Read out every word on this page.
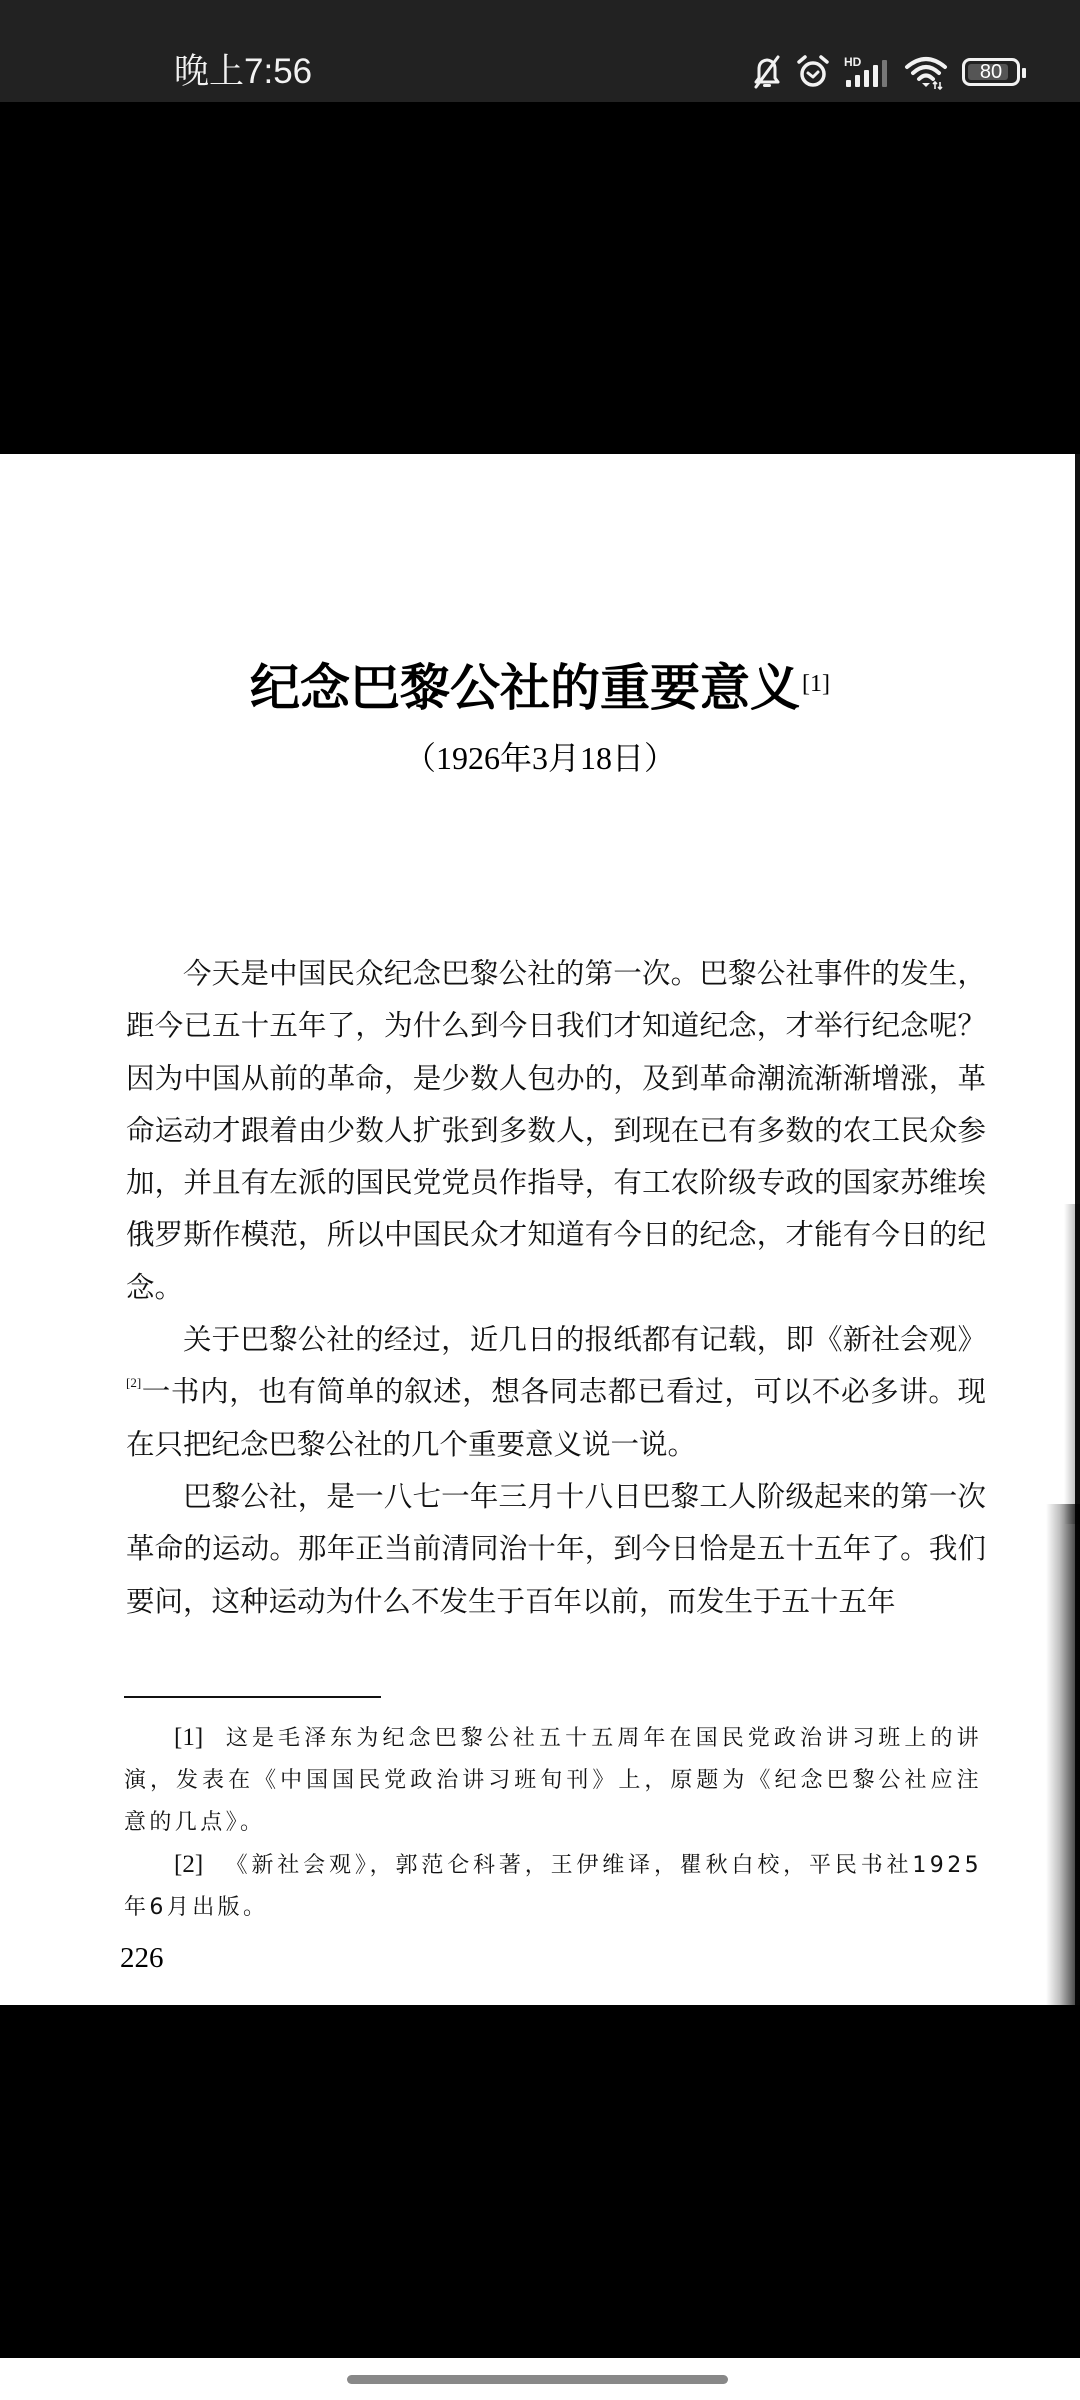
晚上7:56	HD	80
纪念巴黎公社的重要意义[1]
（1926年3月18日）

今天是中国民众纪念巴黎公社的第一次。巴黎公社事件的发生，距今已五十五年了，为什么到今日我们才知道纪念，才举行纪念呢？因为中国从前的革命，是少数人包办的，及到革命潮流渐渐增涨，革命运动才跟着由少数人扩张到多数人，到现在已有多数的农工民众参加，并且有左派的国民党党员作指导，有工农阶级专政的国家苏维埃俄罗斯作模范，所以中国民众才知道有今日的纪念，才能有今日的纪念。

关于巴黎公社的经过，近几日的报纸都有记载，即《新社会观》[2]一书内，也有简单的叙述，想各同志都已看过，可以不必多讲。现在只把纪念巴黎公社的几个重要意义说一说。

巴黎公社，是一八七一年三月十八日巴黎工人阶级起来的第一次革命的运动。那年正当前清同治十年，到今日恰是五十五年了。我们要问，这种运动为什么不发生于百年以前，而发生于五十五年

[1] 这是毛泽东为纪念巴黎公社五十五周年在国民党政治讲习班上的讲演，发表在《中国国民党政治讲习班旬刊》上，原题为《纪念巴黎公社应注意的几点》。

[2] 《新社会观》，郭范仑科著，王伊维译，瞿秋白校，平民书社1925年6月出版。

226
